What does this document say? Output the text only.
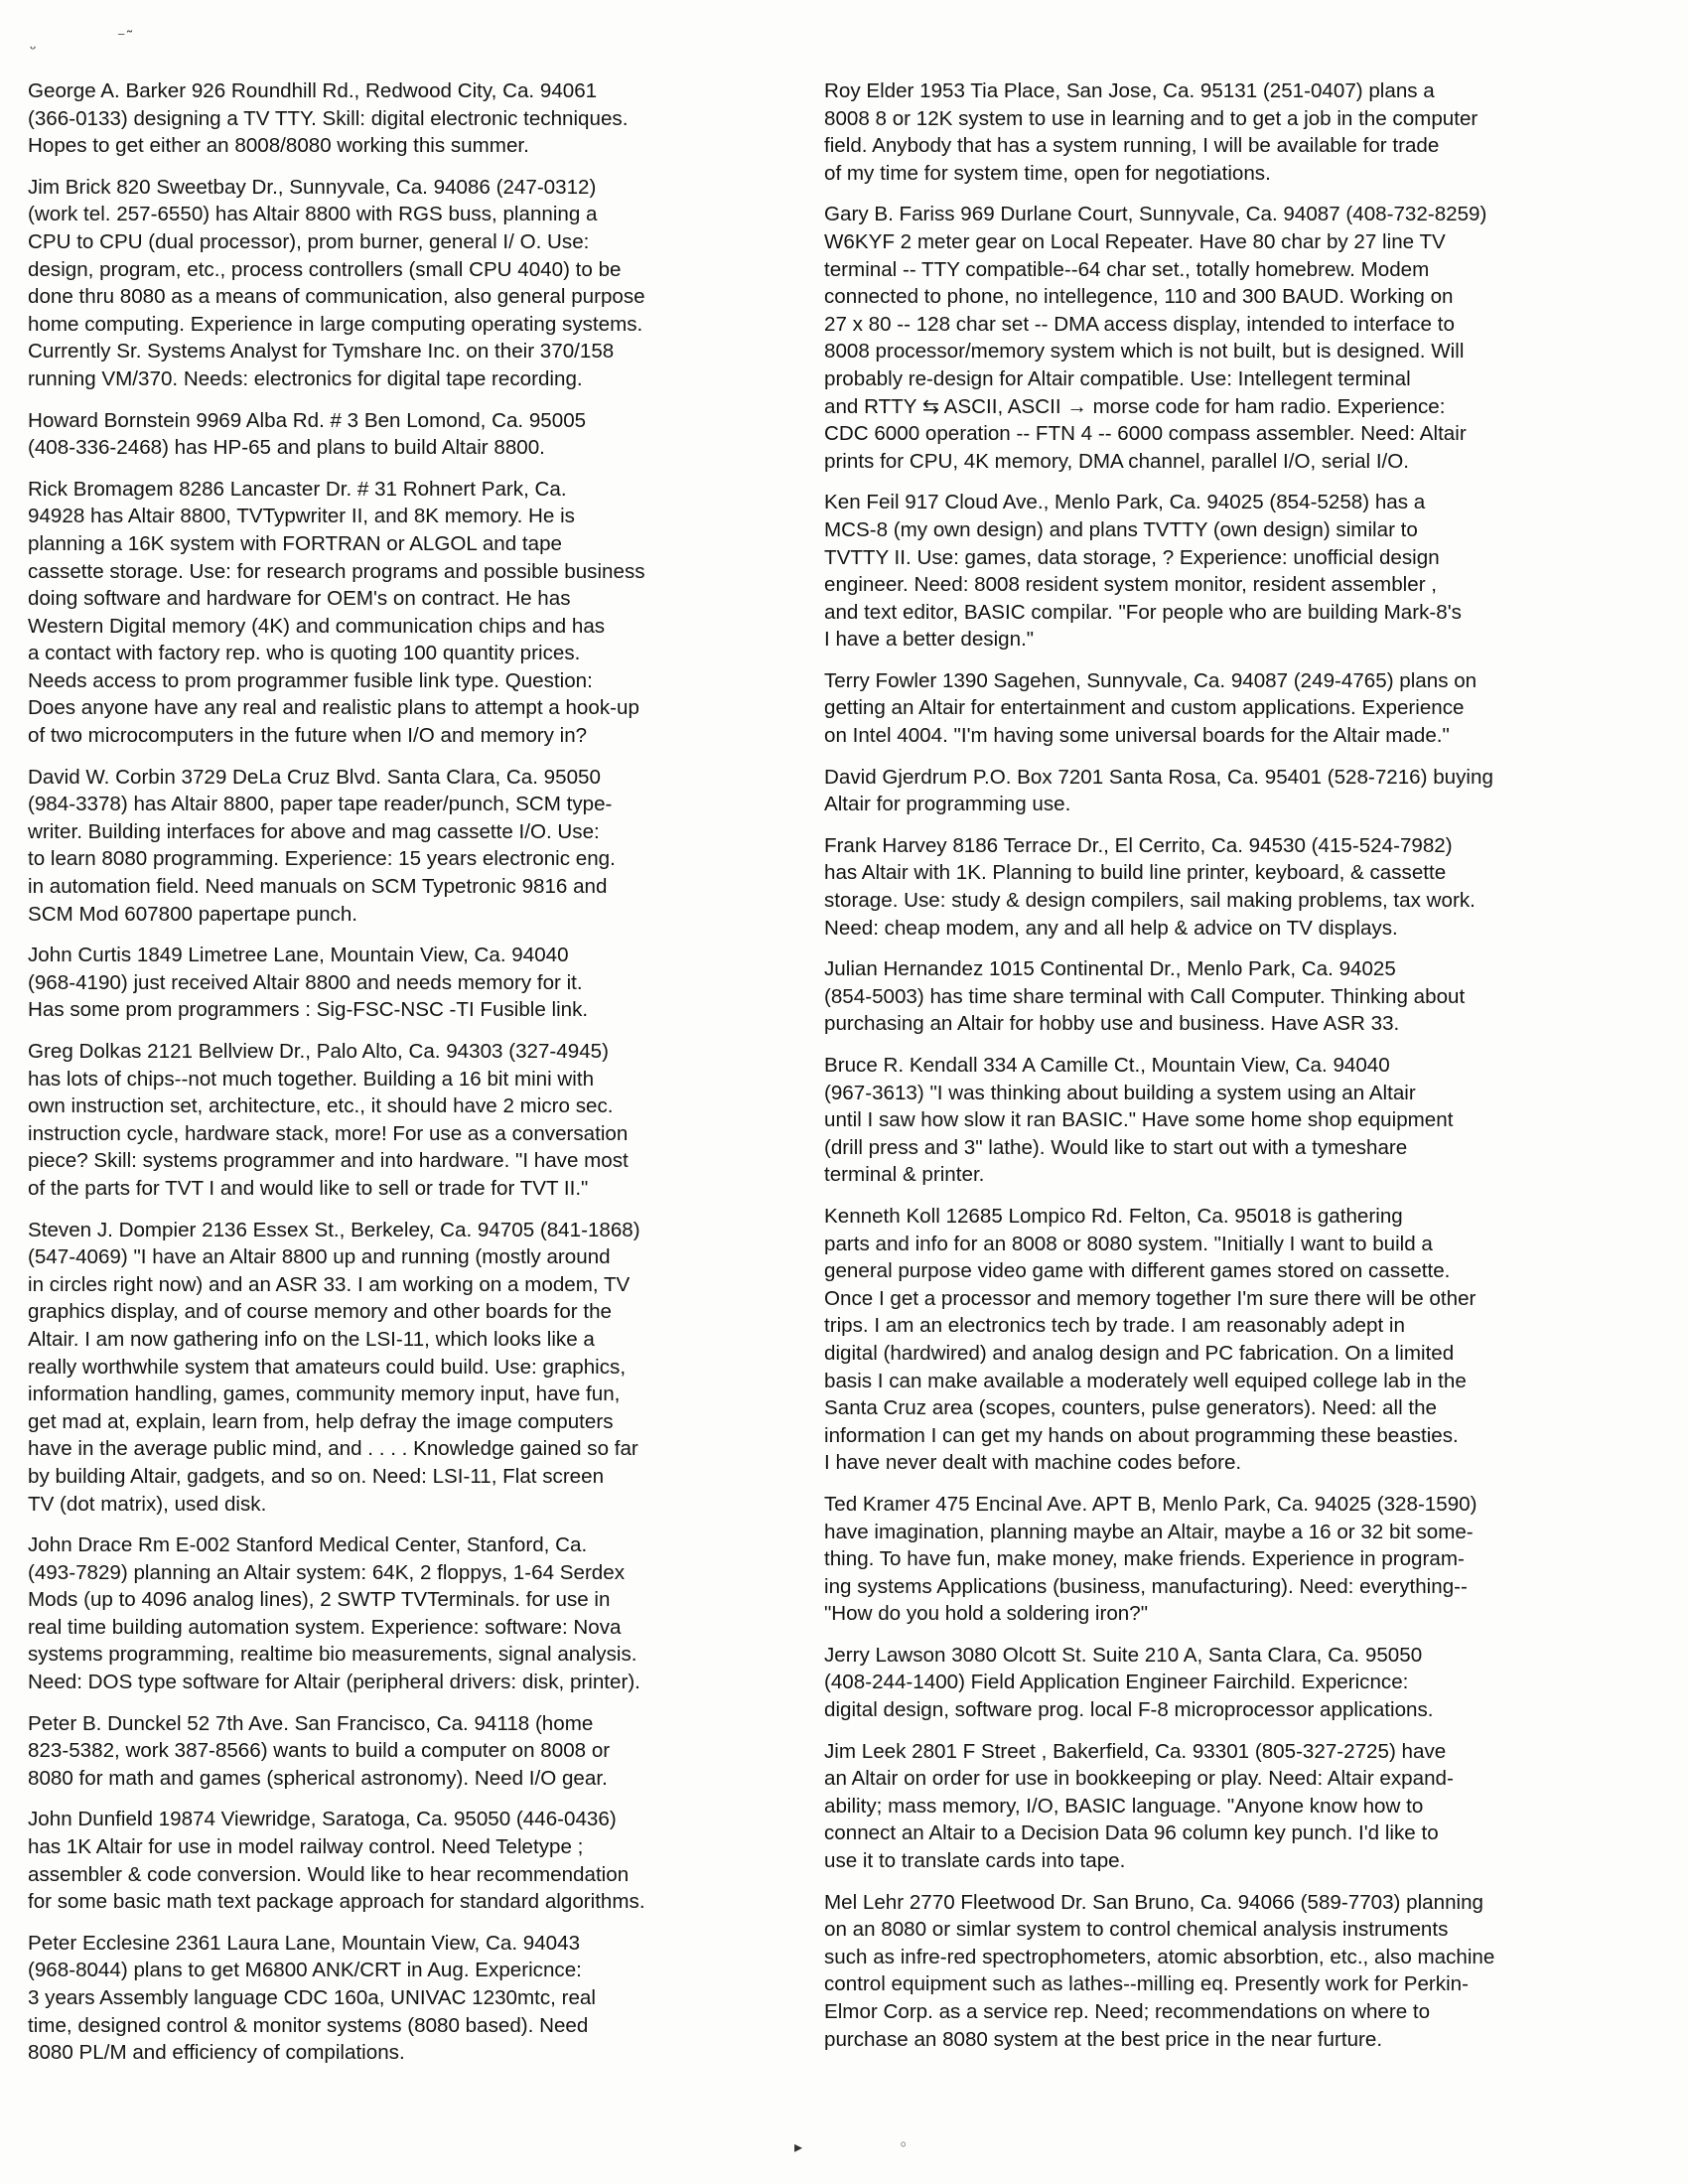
ᵕ
⁻˜

George A. Barker 926 Roundhill Rd., Redwood City, Ca. 94061
(366-0133) designing a TV TTY. Skill: digital electronic techniques.
Hopes to get either an 8008/8080 working this summer.

Jim Brick 820 Sweetbay Dr., Sunnyvale, Ca. 94086 (247-0312)
(work tel. 257-6550) has Altair 8800 with RGS buss, planning a
CPU to CPU (dual processor), prom burner, general I/ O. Use:
design, program, etc., process controllers (small CPU 4040) to be
done thru 8080 as a means of communication, also general purpose
home computing. Experience in large computing operating systems.
Currently Sr. Systems Analyst for Tymshare Inc. on their 370/158
running VM/370. Needs: electronics for digital tape recording.

Howard Bornstein 9969 Alba Rd. # 3 Ben Lomond, Ca. 95005
(408-336-2468) has HP-65 and plans to build Altair 8800.

Rick Bromagem 8286 Lancaster Dr. # 31 Rohnert Park, Ca.
94928 has Altair 8800, TVTypwriter II, and 8K memory. He is
planning a 16K system with FORTRAN or ALGOL and tape
cassette storage. Use: for research programs and possible business
doing software and hardware for OEM's on contract. He has
Western Digital memory (4K) and communication chips and has
a contact with factory rep. who is quoting 100 quantity prices.
Needs access to prom programmer fusible link type. Question:
Does anyone have any real and realistic plans to attempt a hook-up
of two microcomputers in the future when I/O and memory in?

David W. Corbin 3729 DeLa Cruz Blvd. Santa Clara, Ca. 95050
(984-3378) has Altair 8800, paper tape reader/punch, SCM type-
writer. Building interfaces for above and mag cassette I/O. Use:
to learn 8080 programming. Experience: 15 years electronic eng.
in automation field. Need manuals on SCM Typetronic 9816 and
SCM Mod 607800 papertape punch.

John Curtis 1849 Limetree Lane, Mountain View, Ca. 94040
(968-4190) just received Altair 8800 and needs memory for it.
Has some prom programmers : Sig-FSC-NSC -TI Fusible link.

Greg Dolkas 2121 Bellview Dr., Palo Alto, Ca. 94303 (327-4945)
has lots of chips--not much together. Building a 16 bit mini with
own instruction set, architecture, etc., it should have 2 micro sec.
instruction cycle, hardware stack, more! For use as a conversation
piece? Skill: systems programmer and into hardware. "I have most
of the parts for TVT I and would like to sell or trade for TVT II."

Steven J. Dompier 2136 Essex St., Berkeley, Ca. 94705 (841-1868)
(547-4069) "I have an Altair 8800 up and running (mostly around
in circles right now) and an ASR 33. I am working on a modem, TV
graphics display, and of course memory and other boards for the
Altair. I am now gathering info on the LSI-11, which looks like a
really worthwhile system that amateurs could build. Use: graphics,
information handling, games, community memory input, have fun,
get mad at, explain, learn from, help defray the image computers
have in the average public mind, and . . . . Knowledge gained so far
by building Altair, gadgets, and so on. Need: LSI-11, Flat screen
TV (dot matrix), used disk.

John Drace Rm E-002 Stanford Medical Center, Stanford, Ca.
(493-7829) planning an Altair system: 64K, 2 floppys, 1-64 Serdex
Mods (up to 4096 analog lines), 2 SWTP TVTerminals. for use in
real time building automation system. Experience: software: Nova
systems programming, realtime bio measurements, signal analysis.
Need: DOS type software for Altair (peripheral drivers: disk, printer).

Peter B. Dunckel 52 7th Ave. San Francisco, Ca. 94118 (home
823-5382, work 387-8566) wants to build a computer on 8008 or
8080 for math and games (spherical astronomy). Need I/O gear.

John Dunfield 19874 Viewridge, Saratoga, Ca. 95050 (446-0436)
has 1K Altair for use in model railway control. Need Teletype ;
assembler & code conversion. Would like to hear recommendation
for some basic math text package approach for standard algorithms.

Peter Ecclesine 2361 Laura Lane, Mountain View, Ca. 94043
(968-8044) plans to get M6800 ANK/CRT in Aug. Expericnce:
3 years Assembly language CDC 160a, UNIVAC 1230mtc, real
time, designed control & monitor systems (8080 based). Need
8080 PL/M and efficiency of compilations.

Roy Elder 1953 Tia Place, San Jose, Ca. 95131 (251-0407) plans a
8008 8 or 12K system to use in learning and to get a job in the computer
field. Anybody that has a system running, I will be available for trade
of my time for system time, open for negotiations.

Gary B. Fariss 969 Durlane Court, Sunnyvale, Ca. 94087 (408-732-8259)
W6KYF 2 meter gear on Local Repeater. Have 80 char by 27 line TV
terminal -- TTY compatible--64 char set., totally homebrew. Modem
connected to phone, no intellegence, 110 and 300 BAUD. Working on
27 x 80 -- 128 char set -- DMA access display, intended to interface to
8008 processor/memory system which is not built, but is designed. Will
probably re-design for Altair compatible. Use: Intellegent terminal
and RTTY ⇆ ASCII, ASCII → morse code for ham radio. Experience:
CDC 6000 operation -- FTN 4 -- 6000 compass assembler. Need: Altair
prints for CPU, 4K memory, DMA channel, parallel I/O, serial I/O.

Ken Feil 917 Cloud Ave., Menlo Park, Ca. 94025 (854-5258) has a
MCS-8 (my own design) and plans TVTTY (own design) similar to
TVTTY II. Use: games, data storage, ? Experience: unofficial design
engineer. Need: 8008 resident system monitor, resident assembler ,
and text editor, BASIC compilar. "For people who are building Mark-8's
I have a better design."

Terry Fowler 1390 Sagehen, Sunnyvale, Ca. 94087 (249-4765) plans on
getting an Altair for entertainment and custom applications. Experience
on Intel 4004. "I'm having some universal boards for the Altair made."

David Gjerdrum P.O. Box 7201 Santa Rosa, Ca. 95401 (528-7216) buying
Altair for programming use.

Frank Harvey 8186 Terrace Dr., El Cerrito, Ca. 94530 (415-524-7982)
has Altair with 1K. Planning to build line printer, keyboard, & cassette
storage. Use: study & design compilers, sail making problems, tax work.
Need: cheap modem, any and all help & advice on TV displays.

Julian Hernandez 1015 Continental Dr., Menlo Park, Ca. 94025
(854-5003) has time share terminal with Call Computer. Thinking about
purchasing an Altair for hobby use and business. Have ASR 33.

Bruce R. Kendall 334 A Camille Ct., Mountain View, Ca. 94040
(967-3613) "I was thinking about building a system using an Altair
until I saw how slow it ran BASIC." Have some home shop equipment
(drill press and 3" lathe). Would like to start out with a tymeshare
terminal & printer.

Kenneth Koll 12685 Lompico Rd. Felton, Ca. 95018 is gathering
parts and info for an 8008 or 8080 system. "Initially I want to build a
general purpose video game with different games stored on cassette.
Once I get a processor and memory together I'm sure there will be other
trips. I am an electronics tech by trade. I am reasonably adept in
digital (hardwired) and analog design and PC fabrication. On a limited
basis I can make available a moderately well equiped college lab in the
Santa Cruz area (scopes, counters, pulse generators). Need: all the
information I can get my hands on about programming these beasties.
I have never dealt with machine codes before.

Ted Kramer 475 Encinal Ave. APT B, Menlo Park, Ca. 94025 (328-1590)
have imagination, planning maybe an Altair, maybe a 16 or 32 bit some-
thing. To have fun, make money, make friends. Experience in program-
ing systems Applications (business, manufacturing). Need: everything--
"How do you hold a soldering iron?"

Jerry Lawson 3080 Olcott St. Suite 210 A, Santa Clara, Ca. 95050
(408-244-1400) Field Application Engineer Fairchild. Expericnce:
digital design, software prog. local F-8 microprocessor applications.

Jim Leek 2801 F Street , Bakerfield, Ca. 93301 (805-327-2725) have
an Altair on order for use in bookkeeping or play. Need: Altair expand-
ability; mass memory, I/O, BASIC language. "Anyone know how to
connect an Altair to a Decision Data 96 column key punch. I'd like to
use it to translate cards into tape.

Mel Lehr 2770 Fleetwood Dr. San Bruno, Ca. 94066 (589-7703) planning
on an 8080 or simlar system to control chemical analysis instruments
such as infre-red spectrophometers, atomic absorbtion, etc., also machine
control equipment such as lathes--milling eq. Presently work for Perkin-
Elmor Corp. as a service rep. Need; recommendations on where to
purchase an 8080 system at the best price in the near furture.

▸	◦
